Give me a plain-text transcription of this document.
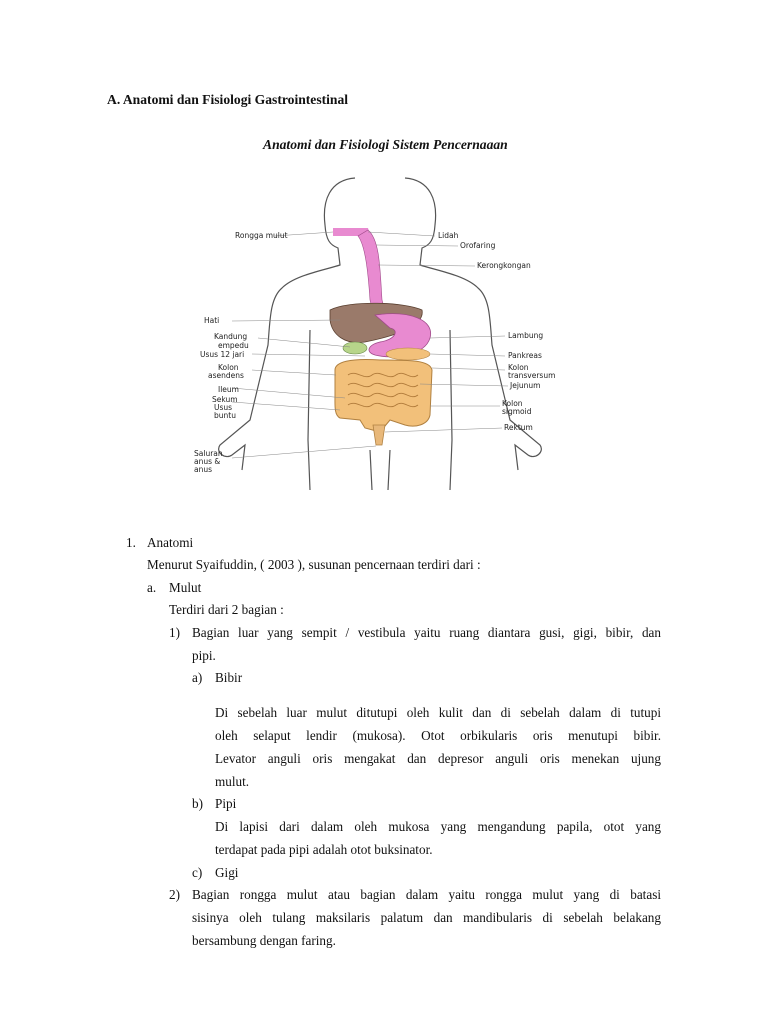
A. Anatomi dan Fisiologi Gastrointestinal
Anatomi dan Fisiologi Sistem Pencernaaan
Rongga mulut
Hati
Kandung
empedu
Usus 12 jari
Kolon
asendens
Ileum
Sekum
Usus
buntu
Saluran
anus &
anus
Lidah
Orofaring
Kerongkongan
Lambung
Pankreas
Kolon
transversum
Jejunum
Kolon
sigmoid
Rektum
1. Anatomi
Menurut Syaifuddin, ( 2003 ), susunan pencernaan terdiri dari :
a. Mulut
Terdiri dari 2 bagian :
1) Bagian luar yang sempit / vestibula yaitu ruang diantara gusi, gigi, bibir, dan
pipi.
a) Bibir
Di sebelah luar mulut ditutupi oleh kulit dan di sebelah dalam di tutupi
oleh selaput lendir (mukosa). Otot orbikularis oris menutupi bibir.
Levator anguli oris mengakat dan depresor anguli oris menekan ujung
mulut.
b) Pipi
Di lapisi dari dalam oleh mukosa yang mengandung papila, otot yang
terdapat pada pipi adalah otot buksinator.
c) Gigi
2) Bagian rongga mulut atau bagian dalam yaitu rongga mulut yang di batasi
sisinya oleh tulang maksilaris palatum dan mandibularis di sebelah belakang
bersambung dengan faring.
